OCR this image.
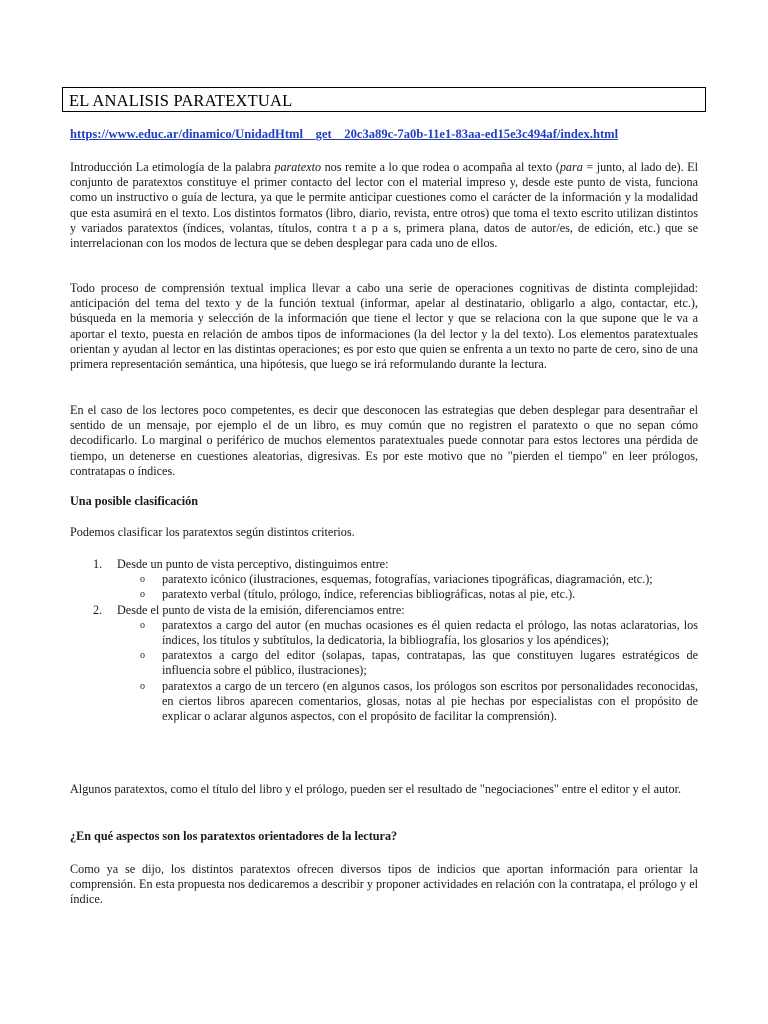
EL ANALISIS PARATEXTUAL
https://www.educ.ar/dinamico/UnidadHtml__get__20c3a89c-7a0b-11e1-83aa-ed15e3c494af/index.html

Introducción La etimología de la palabra paratexto nos remite a lo que rodea o acompaña al texto (para = junto, al lado de). El conjunto de paratextos constituye el primer contacto del lector con el material impreso y, desde este punto de vista, funciona como un instructivo o guía de lectura, ya que le permite anticipar cuestiones como el carácter de la información y la modalidad que esta asumirá en el texto. Los distintos formatos (libro, diario, revista, entre otros) que toma el texto escrito utilizan distintos y variados paratextos (índices, volantas, títulos, contra t a p a s, primera plana, datos de autor/es, de edición, etc.) que se interrelacionan con los modos de lectura que se deben desplegar para cada uno de ellos.

Todo proceso de comprensión textual implica llevar a cabo una serie de operaciones cognitivas de distinta complejidad: anticipación del tema del texto y de la función textual (informar, apelar al destinatario, obligarlo a algo, contactar, etc.), búsqueda en la memoria y selección de la información que tiene el lector y que se relaciona con la que supone que le va a aportar el texto, puesta en relación de ambos tipos de informaciones (la del lector y la del texto). Los elementos paratextuales orientan y ayudan al lector en las distintas operaciones; es por esto que quien se enfrenta a un texto no parte de cero, sino de una primera representación semántica, una hipótesis, que luego se irá reformulando durante la lectura.

En el caso de los lectores poco competentes, es decir que desconocen las estrategias que deben desplegar para desentrañar el sentido de un mensaje, por ejemplo el de un libro, es muy común que no registren el paratexto o que no sepan cómo decodificarlo. Lo marginal o periférico de muchos elementos paratextuales puede connotar para estos lectores una pérdida de tiempo, un detenerse en cuestiones aleatorias, digresivas. Es por este motivo que no "pierden el tiempo" en leer prólogos, contratapas o índices.

Una posible clasificación

Podemos clasificar los paratextos según distintos criterios.

1.	Desde un punto de vista perceptivo, distinguimos entre:
o	paratexto icónico (ilustraciones, esquemas, fotografías, variaciones tipográficas, diagramación, etc.);
o	paratexto verbal (título, prólogo, índice, referencias bibliográficas, notas al pie, etc.).
2.	Desde el punto de vista de la emisión, diferenciamos entre:
o	paratextos a cargo del autor (en muchas ocasiones es él quien redacta el prólogo, las notas aclaratorias, los índices, los títulos y subtítulos, la dedicatoria, la bibliografía, los glosarios y los apéndices);
o	paratextos a cargo del editor (solapas, tapas, contratapas, las que constituyen lugares estratégicos de influencia sobre el público, ilustraciones);
o	paratextos a cargo de un tercero (en algunos casos, los prólogos son escritos por personalidades reconocidas, en ciertos libros aparecen comentarios, glosas, notas al pie hechas por especialistas con el propósito de explicar o aclarar algunos aspectos, con el propósito de facilitar la comprensión).

Algunos paratextos, como el título del libro y el prólogo, pueden ser el resultado de "negociaciones" entre el editor y el autor.

¿En qué aspectos son los paratextos orientadores de la lectura?

Como ya se dijo, los distintos paratextos ofrecen diversos tipos de indicios que aportan información para orientar la comprensión. En esta propuesta nos dedicaremos a describir y proponer actividades en relación con la contratapa, el prólogo y el índice.
